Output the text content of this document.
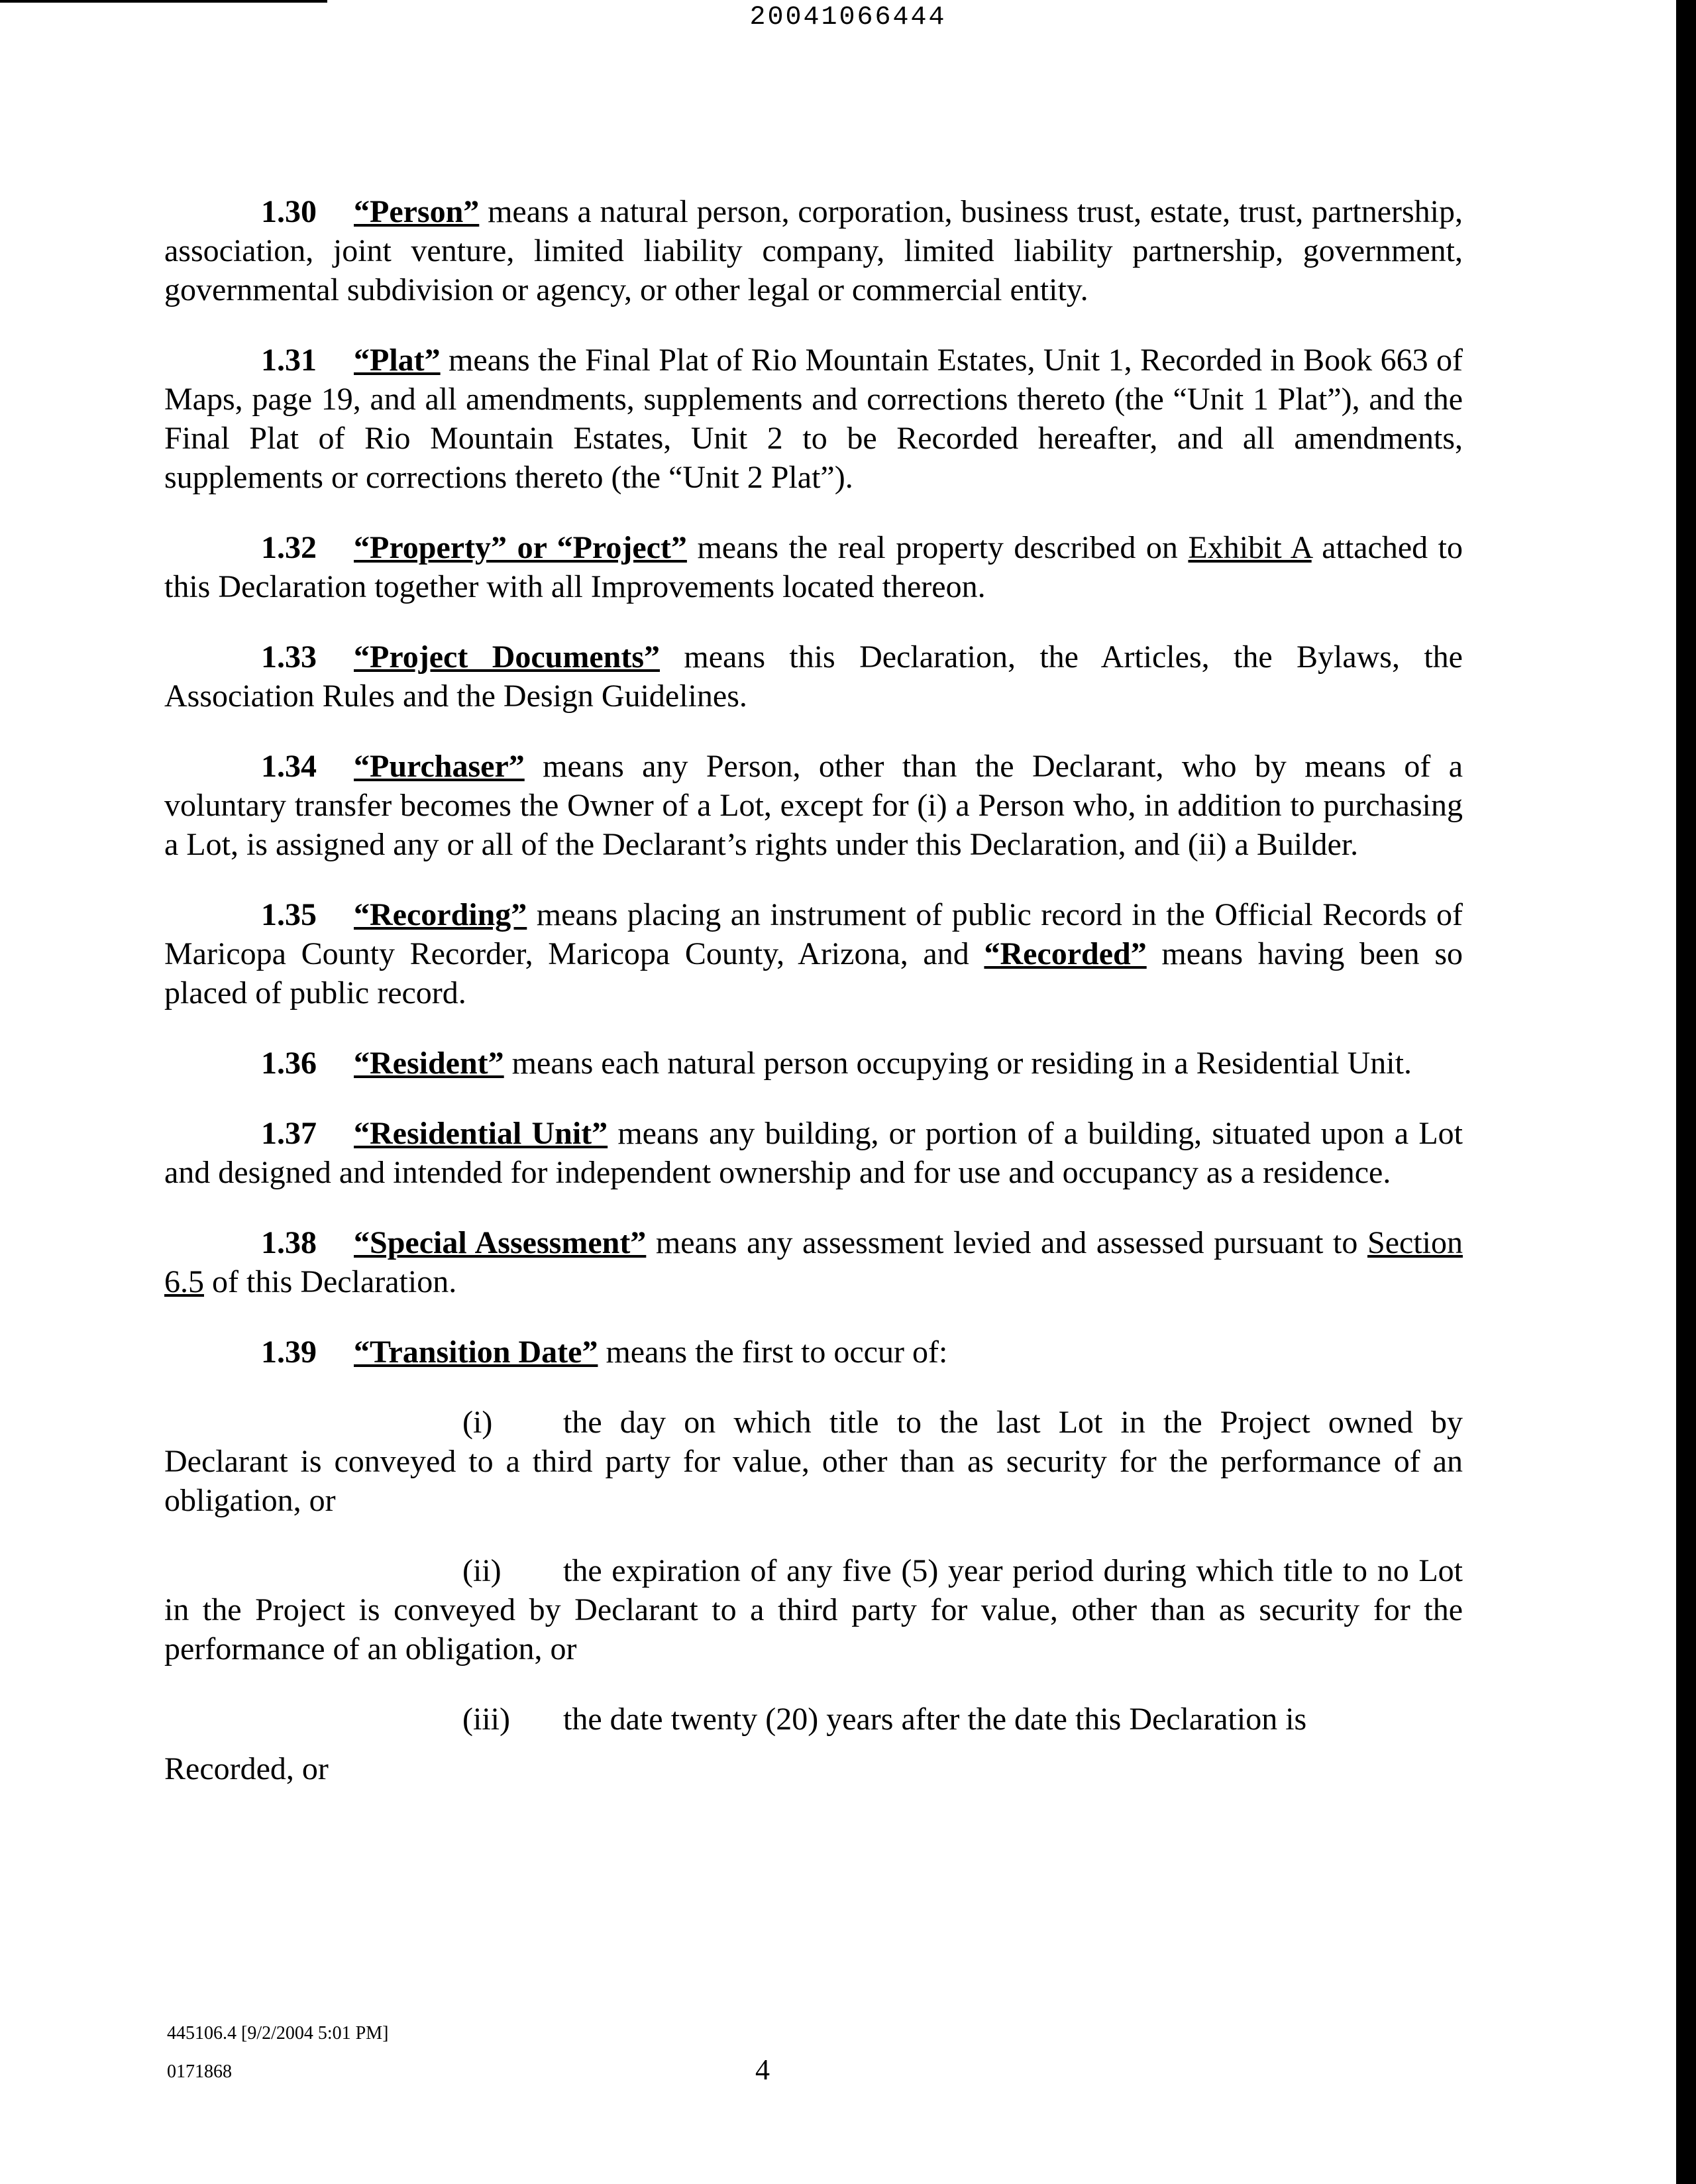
20041066444

1.30 “Person” means a natural person, corporation, business trust, estate, trust, partnership, association, joint venture, limited liability company, limited liability partnership, government, governmental subdivision or agency, or other legal or commercial entity.

1.31 “Plat” means the Final Plat of Rio Mountain Estates, Unit 1, Recorded in Book 663 of Maps, page 19, and all amendments, supplements and corrections thereto (the “Unit 1 Plat”), and the Final Plat of Rio Mountain Estates, Unit 2 to be Recorded hereafter, and all amendments, supplements or corrections thereto (the “Unit 2 Plat”).

1.32 “Property” or “Project” means the real property described on Exhibit A attached to this Declaration together with all Improvements located thereon.

1.33 “Project Documents” means this Declaration, the Articles, the Bylaws, the Association Rules and the Design Guidelines.

1.34 “Purchaser” means any Person, other than the Declarant, who by means of a voluntary transfer becomes the Owner of a Lot, except for (i) a Person who, in addition to purchasing a Lot, is assigned any or all of the Declarant’s rights under this Declaration, and (ii) a Builder.

1.35 “Recording” means placing an instrument of public record in the Official Records of Maricopa County Recorder, Maricopa County, Arizona, and “Recorded” means having been so placed of public record.

1.36 “Resident” means each natural person occupying or residing in a Residential Unit.

1.37 “Residential Unit” means any building, or portion of a building, situated upon a Lot and designed and intended for independent ownership and for use and occupancy as a residence.

1.38 “Special Assessment” means any assessment levied and assessed pursuant to Section 6.5 of this Declaration.

1.39 “Transition Date” means the first to occur of:

(i) the day on which title to the last Lot in the Project owned by Declarant is conveyed to a third party for value, other than as security for the performance of an obligation, or

(ii) the expiration of any five (5) year period during which title to no Lot in the Project is conveyed by Declarant to a third party for value, other than as security for the performance of an obligation, or

(iii) the date twenty (20) years after the date this Declaration is
Recorded, or

445106.4 [9/2/2004 5:01 PM]
0171868	4
